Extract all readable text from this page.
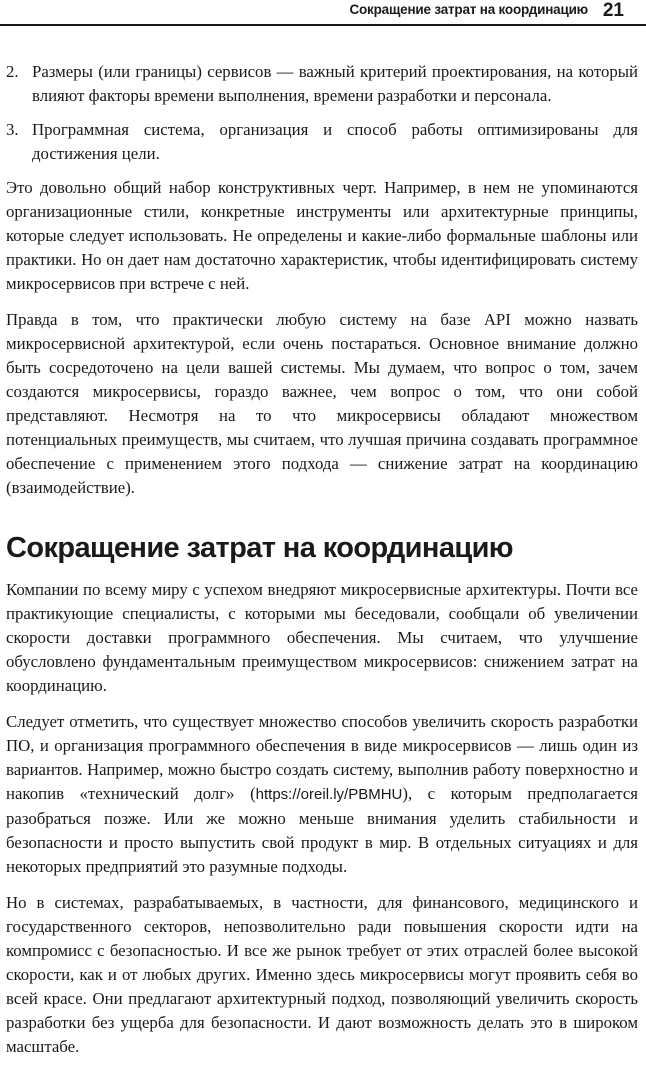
Сокращение затрат на координацию 21
2. Размеры (или границы) сервисов — важный критерий проектирования, на который влияют факторы времени выполнения, времени разработки и персонала.
3. Программная система, организация и способ работы оптимизированы для достижения цели.

Это довольно общий набор конструктивных черт. Например, в нем не упоминаются организационные стили, конкретные инструменты или архитектурные принципы, которые следует использовать. Не определены и какие-либо формальные шаблоны или практики. Но он дает нам достаточно характеристик, чтобы идентифицировать систему микросервисов при встрече с ней.

Правда в том, что практически любую систему на базе API можно назвать микросервисной архитектурой, если очень постараться. Основное внимание должно быть сосредоточено на цели вашей системы. Мы думаем, что вопрос о том, зачем создаются микросервисы, гораздо важнее, чем вопрос о том, что они собой представляют. Несмотря на то что микросервисы обладают множеством потенциальных преимуществ, мы считаем, что лучшая причина создавать программное обеспечение с применением этого подхода — снижение затрат на координацию (взаимодействие).

Сокращение затрат на координацию

Компании по всему миру с успехом внедряют микросервисные архитектуры. Почти все практикующие специалисты, с которыми мы беседовали, сообщали об увеличении скорости доставки программного обеспечения. Мы считаем, что улучшение обусловлено фундаментальным преимуществом микросервисов: снижением затрат на координацию.

Следует отметить, что существует множество способов увеличить скорость разработки ПО, и организация программного обеспечения в виде микросервисов — лишь один из вариантов. Например, можно быстро создать систему, выполнив работу поверхностно и накопив «технический долг» (https://oreil.ly/PBMHU), с которым предполагается разобраться позже. Или же можно меньше внимания уделить стабильности и безопасности и просто выпустить свой продукт в мир. В отдельных ситуациях и для некоторых предприятий это разумные подходы.

Но в системах, разрабатываемых, в частности, для финансового, медицинского и государственного секторов, непозволительно ради повышения скорости идти на компромисс с безопасностью. И все же рынок требует от этих отраслей более высокой скорости, как и от любых других. Именно здесь микросервисы могут проявить себя во всей красе. Они предлагают архитектурный подход, позволяющий увеличить скорость разработки без ущерба для безопасности. И дают возможность делать это в широком масштабе.
